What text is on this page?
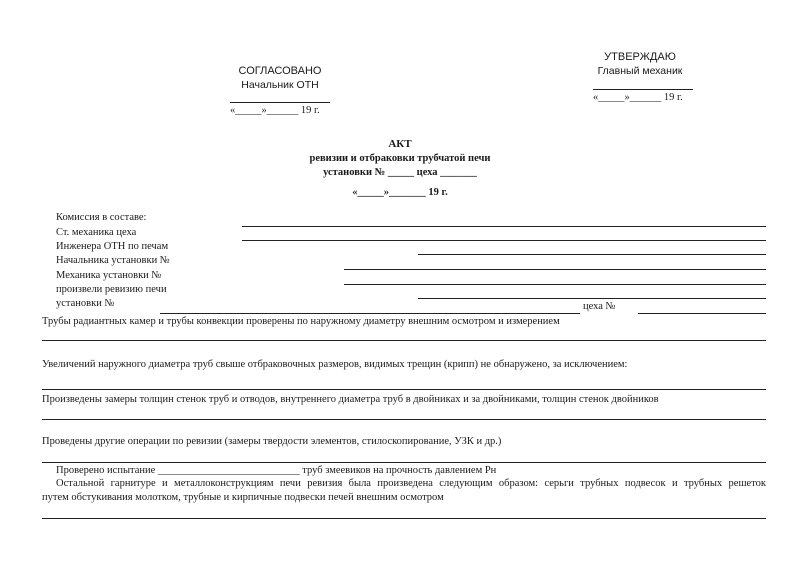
СОГЛАСОВАНО
Начальник ОТН
«_____»______ 19 г.
УТВЕРЖДАЮ
Главный механик
«_____»______ 19 г.
АКТ
ревизии и отбраковки трубчатой печи
установки № _____ цеха _______
«_____»_______ 19 г.
Комиссия в составе:
Ст. механика цеха
Инженера ОТН по печам
Начальника установки №
Механика установки №
произвели ревизию печи
установки №	цеха №
Трубы радиантных камер и трубы конвекции проверены по наружному диаметру внешним осмотром и измерением
Увеличений наружного диаметра труб свыше отбраковочных размеров, видимых трещин (крипп) не обнаружено, за исключением:
Произведены замеры толщин стенок труб и отводов, внутреннего диаметра труб в двойниках и за двойниками, толщин стенок двойников
Проведены другие операции по ревизии (замеры твердости элементов, стилоскопирование, УЗК и др.)
Проверено испытание ___________________________ труб змеевиков на прочность давлением Рн
Остальной гарнитуре и металлоконструкциям печи ревизия была произведена следующим образом: серьги трубных подвесок и трубных решеток
путем обстукивания молотком, трубные и кирпичные подвески печей внешним осмотром
